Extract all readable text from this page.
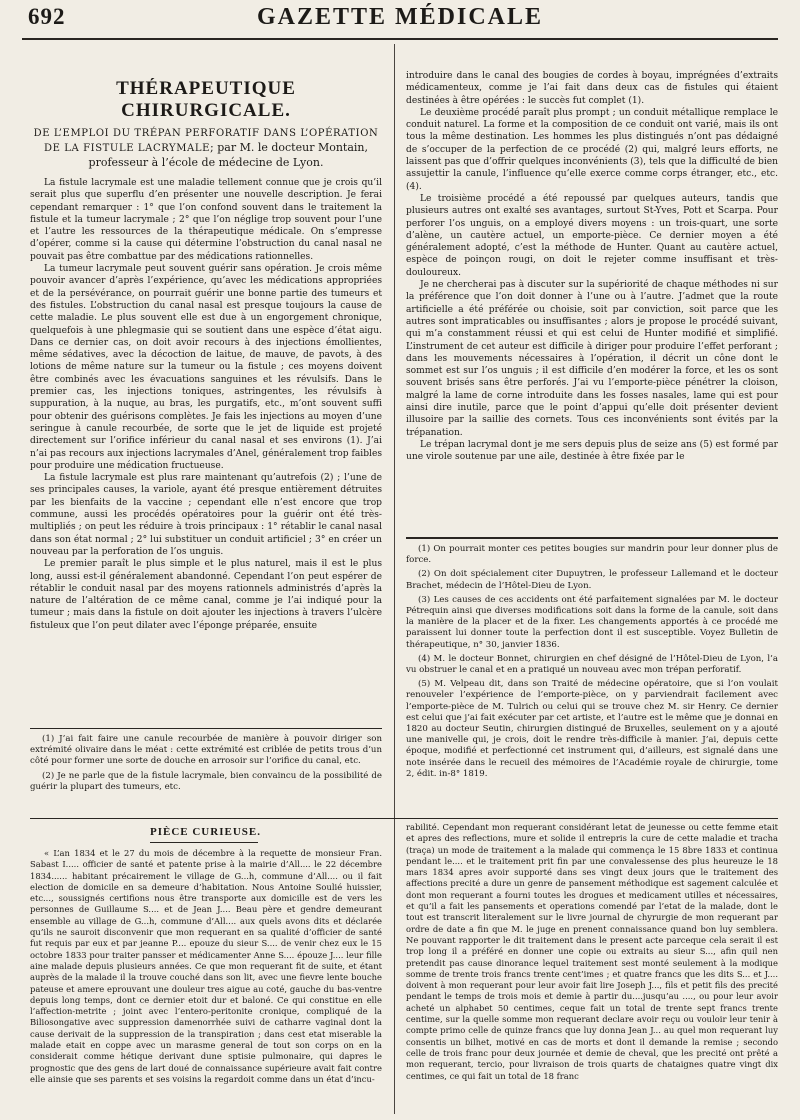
692	GAZETTE MÉDICALE
THÉRAPEUTIQUE CHIRURGICALE.
DE L’EMPLOI DU TRÉPAN PERFORATIF DANS L’OPÉRATION DE LA FISTULE LACRYMALE; par M. le docteur Montain, professeur à l’école de médecine de Lyon.

La fistule lacrymale est une maladie tellement connue que je crois qu’il serait plus que superflu d’en présenter une nouvelle description. Je ferai cependant remarquer : 1° que l’on confond souvent dans le traitement la fistule et la tumeur lacrymale ; 2° que l’on néglige trop souvent pour l’une et l’autre les ressources de la thérapeutique médicale. On s’empresse d’opérer, comme si la cause qui détermine l’obstruction du canal nasal ne pouvait pas être combattue par des médications rationnelles.

La tumeur lacrymale peut souvent guérir sans opération. Je crois même pouvoir avancer d’après l’expérience, qu’avec les médications appropriées et de la persévérance, on pourrait guérir une bonne partie des tumeurs et des fistules. L’obstruction du canal nasal est presque toujours la cause de cette maladie. Le plus souvent elle est due à un engorgement chronique, quelquefois à une phlegmasie qui se soutient dans une espèce d’état aigu. Dans ce dernier cas, on doit avoir recours à des injections émollientes, même sédatives, avec la décoction de laitue, de mauve, de pavots, à des lotions de même nature sur la tumeur ou la fistule ; ces moyens doivent être combinés avec les évacuations sanguines et les révulsifs. Dans le premier cas, les injections toniques, astringentes, les révulsifs à suppuration, à la nuque, au bras, les purgatifs, etc., m’ont souvent suffi pour obtenir des guérisons complètes. Je fais les injections au moyen d’une seringue à canule recourbée, de sorte que le jet de liquide est projeté directement sur l’orifice inférieur du canal nasal et ses environs (1). J’ai n’ai pas recours aux injections lacrymales d’Anel, généralement trop faibles pour produire une médication fructueuse.

La fistule lacrymale est plus rare maintenant qu’autrefois (2) ; l’une de ses principales causes, la variole, ayant été presque entièrement détruites par les bienfaits de la vaccine ; cependant elle n’est encore que trop commune, aussi les procédés opératoires pour la guérir ont été très-multipliés ; on peut les réduire à trois principaux : 1° rétablir le canal nasal dans son état normal ; 2° lui substituer un conduit artificiel ; 3° en créer un nouveau par la perforation de l’os unguis.

Le premier paraît le plus simple et le plus naturel, mais il est le plus long, aussi est-il généralement abandonné. Cependant l’on peut espérer de rétablir le conduit nasal par des moyens rationnels administrés d’après la nature de l’altération de ce même canal, comme je l’ai indiqué pour la tumeur ; mais dans la fistule on doit ajouter les injections à travers l’ulcère fistuleux que l’on peut dilater avec l’éponge préparée, ensuite

(1) J’ai fait faire une canule recourbée de manière à pouvoir diriger son extrémité olivaire dans le méat : cette extrémité est criblée de petits trous d’un côté pour former une sorte de douche en arrosoir sur l’orifice du canal, etc.

(2) Je ne parle que de la fistule lacrymale, bien convaincu de la possibilité de guérir la plupart des tumeurs, etc.

introduire dans le canal des bougies de cordes à boyau, imprégnées d’extraits médicamenteux, comme je l’ai fait dans deux cas de fistules qui étaient destinées à être opérées : le succès fut complet (1).

Le deuxième procédé paraît plus prompt ; un conduit métallique remplace le conduit naturel. La forme et la composition de ce conduit ont varié, mais ils ont tous la même destination. Les hommes les plus distingués n’ont pas dédaigné de s’occuper de la perfection de ce procédé (2) qui, malgré leurs efforts, ne laissent pas que d’offrir quelques inconvénients (3), tels que la difficulté de bien assujettir la canule, l’influence qu’elle exerce comme corps étranger, etc., etc. (4).

Le troisième procédé a été repoussé par quelques auteurs, tandis que plusieurs autres ont exalté ses avantages, surtout St-Yves, Pott et Scarpa. Pour perforer l’os unguis, on a employé divers moyens : un trois-quart, une sorte d’alène, un cautère actuel, un emporte-pièce. Ce dernier moyen a été généralement adopté, c’est la méthode de Hunter. Quant au cautère actuel, espèce de poinçon rougi, on doit le rejeter comme insuffisant et très-douloureux.

Je ne chercherai pas à discuter sur la supériorité de chaque méthodes ni sur la préférence que l’on doit donner à l’une ou à l’autre. J’admet que la route artificielle a été préférée ou choisie, soit par conviction, soit parce que les autres sont impraticables ou insuffisantes ; alors je propose le procédé suivant, qui m’a constamment réussi et qui est celui de Hunter modifié et simplifié. L’instrument de cet auteur est difficile à diriger pour produire l’effet perforant ; dans les mouvements nécessaires à l’opération, il décrit un cône dont le sommet est sur l’os unguis ; il est difficile d’en modérer la force, et les os sont souvent brisés sans être perforés. J’ai vu l’emporte-pièce pénétrer la cloison, malgré la lame de corne introduite dans les fosses nasales, lame qui est pour ainsi dire inutile, parce que le point d’appui qu’elle doit présenter devient illusoire par la saillie des cornets. Tous ces inconvénients sont évités par la trépanation.

Le trépan lacrymal dont je me sers depuis plus de seize ans (5) est formé par une virole soutenue par une aile, destinée à être fixée par le

(1) On pourrait monter ces petites bougies sur mandrin pour leur donner plus de force.

(2) On doit spécialement citer Dupuytren, le professeur Lallemand et le docteur Brachet, médecin de l’Hôtel-Dieu de Lyon.

(3) Les causes de ces accidents ont été parfaitement signalées par M. le docteur Pétrequin ainsi que diverses modifications soit dans la forme de la canule, soit dans la manière de la placer et de la fixer. Les changements apportés à ce procédé me paraissent lui donner toute la perfection dont il est susceptible. Voyez Bulletin de thérapeutique, n° 30, janvier 1836.

(4) M. le docteur Bonnet, chirurgien en chef désigné de l’Hôtel-Dieu de Lyon, l’a vu obstruer le canal et en a pratiqué un nouveau avec mon trépan perforatif.

(5) M. Velpeau dit, dans son Traité de médecine opératoire, que si l’on voulait renouveler l’expérience de l’emporte-pièce, on y parviendrait facilement avec l’emporte-pièce de M. Tulrich ou celui qui se trouve chez M. sir Henry. Ce dernier est celui que j’ai fait exécuter par cet artiste, et l’autre est le même que je donnai en 1820 au docteur Seutin, chirurgien distingué de Bruxelles, seulement on y a ajouté une manivelle qui, je crois, doit le rendre très-difficile à manier. J’ai, depuis cette époque, modifié et perfectionné cet instrument qui, d’ailleurs, est signalé dans une note insérée dans le recueil des mémoires de l’Académie royale de chirurgie, tome 2, édit. in-8° 1819.

PIÈCE CURIEUSE.

« L’an 1834 et le 27 du mois de décembre à la requette de monsieur Fran. Sabast I..... officier de santé et patente prise à la mairie d’All.... le 22 décembre 1834...... habitant précairement le village de G...h, commune d’All.... ou il fait election de domicile en sa demeure d’habitation. Nous Antoine Soulié huissier, etc..., soussignés certifions nous être transporte aux domicille est de vers les personnes de Guillaume S.... et de Jean J.... Beau père et gendre demeurant ensemble au village de G...h, commune d’All.... aux quels avons dits et déclarée qu’ils ne sauroit disconvenir que mon requerant en sa qualité d’officier de santé fut requis par eux et par jeanne P.... epouze du sieur S.... de venir chez eux le 15 octobre 1833 pour traiter pansser et médicamenter Anne S.... épouze J.... leur fille aine malade depuis plusieurs années. Ce que mon requerant fit de suite, et étant auprès de la malade il la trouve couché dans son lit, avec une fievre lente bouche pateuse et amere eprouvant une douleur tres aigue au coté, gauche du bas-ventre depuis long temps, dont ce dernier etoit dur et baloné. Ce qui constitue en elle l’affection-metrite ; joint avec l’entero-peritonite cronique, compliqué de la Biliosongative avec suppression damenorrhée suivi de catharre vaginal dont la cause derivait de la suppression de la transpiration ; dans cest etat miserable la malade etait en coppe avec un marasme general de tout son corps on en la considerait comme hétique derivant dune sptisie pulmonaire, qui dapres le prognostic que des gens de lart doué de connaissance supérieure avait fait contre elle ainsie que ses parents et ses voisins la regardoit comme dans un état d’incu-

rabilité. Cependant mon requerant considérant letat de jeunesse ou cette femme etait et apres des reflections, mure et solide il entrepris la cure de cette maladie et tracha (traça) un mode de traitement a la malade qui commença le 15 8bre 1833 et continua pendant le.... et le traitement prit fin par une convalessense des plus heureuze le 18 mars 1834 apres avoir supporté dans ses vingt deux jours que le traitement des affections precité a dure un genre de pansement méthodique est sagement calculée et dont mon requerant a fourni toutes les drogues et medicament utilles et nécessaires, et qu’il a fait les pansements et operations comendé par l’etat de la malade, dont le tout est transcrit literalement sur le livre journal de chyrurgie de mon requerant par ordre de date a fin que M. le juge en prenent connaissance quand bon luy semblera. Ne pouvant rapporter le dit traitement dans le present acte parceque cela serait il est trop long il a préféré en donner une copie ou extraits au sieur S..., afin quil nen pretendit pas cause dinorance lequel traitement sest monté seulement à la modique somme de trente trois francs trente cent’imes ; et quatre francs que les dits S... et J.... doivent à mon requerant pour leur avoir fait lire Joseph J..., fils et petit fils des precité pendant le temps de trois mois et demie à partir du....jusqu’au ...., ou pour leur avoir acheté un alphabet 50 centimes, ceque fait un total de trente sept francs trente centime, sur la quelle somme mon requerant declare avoir reçu ou vouloir leur tenir à compte primo celle de quinze francs que luy donna Jean J... au quel mon requerant luy consentis un bilhet, motivé en cas de morts et dont il demande la remise ; secondo celle de trois franc pour deux journée et demie de cheval, que les precité ont prêté a mon requerant, tercio, pour livraison de trois quarts de chataignes quatre vingt dix centimes, ce qui fait un total de 18 franc
